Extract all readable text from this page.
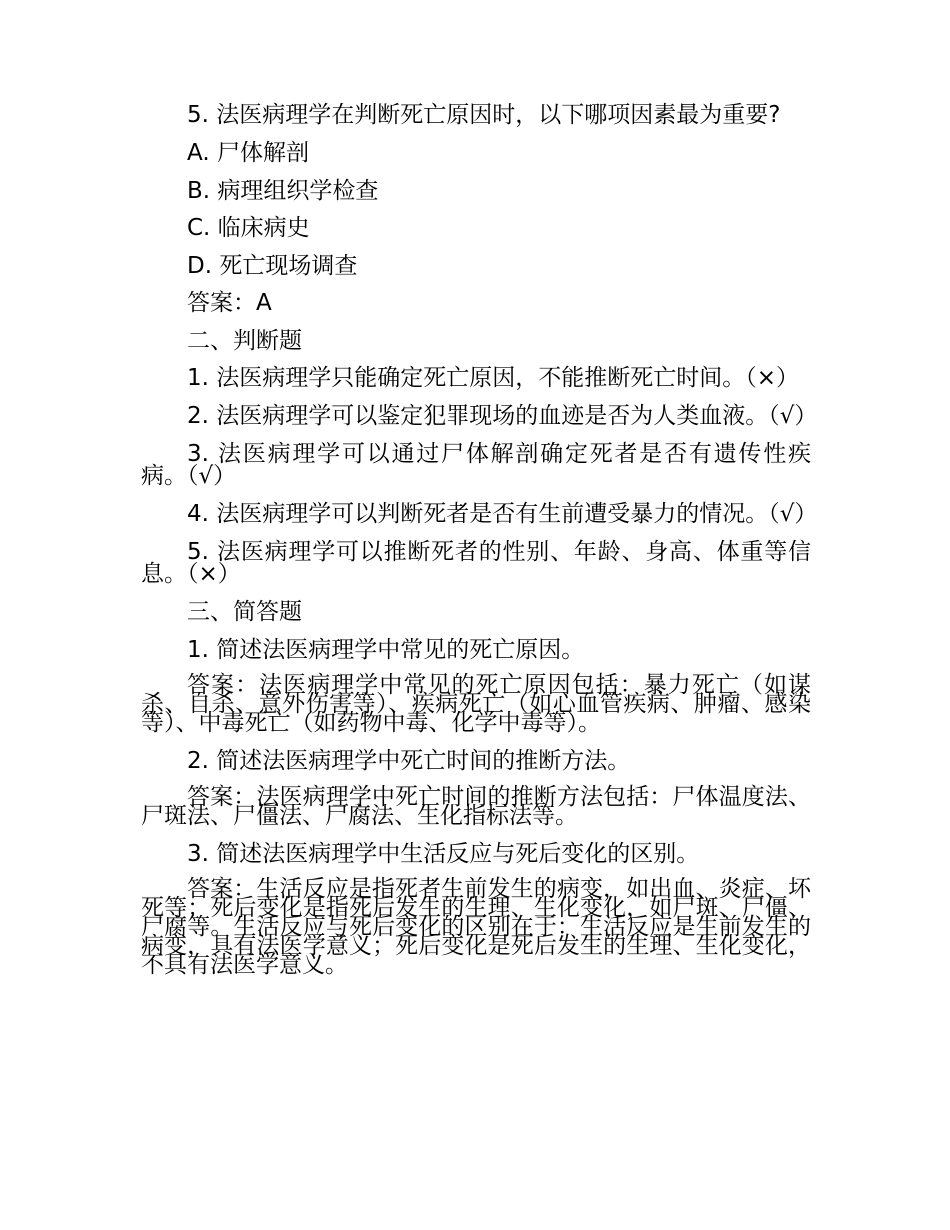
5. 法医病理学在判断死亡原因时，以下哪项因素最为重要?

A. 尸体解剖

B. 病理组织学检查

C. 临床病史

D. 死亡现场调查

答案：A

二、判断题

1. 法医病理学只能确定死亡原因，不能推断死亡时间。（×）

2. 法医病理学可以鉴定犯罪现场的血迹是否为人类血液。（√）

3. 法医病理学可以通过尸体解剖确定死者是否有遗传性疾病。（√）

4. 法医病理学可以判断死者是否有生前遭受暴力的情况。（√）

5. 法医病理学可以推断死者的性别、年龄、身高、体重等信息。（×）

三、简答题

1. 简述法医病理学中常见的死亡原因。

答案：法医病理学中常见的死亡原因包括：暴力死亡（如谋杀、自杀、意外伤害等）、疾病死亡（如心血管疾病、肿瘤、感染等）、中毒死亡（如药物中毒、化学中毒等）。

2. 简述法医病理学中死亡时间的推断方法。

答案：法医病理学中死亡时间的推断方法包括：尸体温度法、尸斑法、尸僵法、尸腐法、生化指标法等。

3. 简述法医病理学中生活反应与死后变化的区别。

答案：生活反应是指死者生前发生的病变，如出血、炎症、坏死等；死后变化是指死后发生的生理、生化变化，如尸斑、尸僵、尸腐等。生活反应与死后变化的区别在于：生活反应是生前发生的病变，具有法医学意义；死后变化是死后发生的生理、生化变化，不具有法医学意义。
